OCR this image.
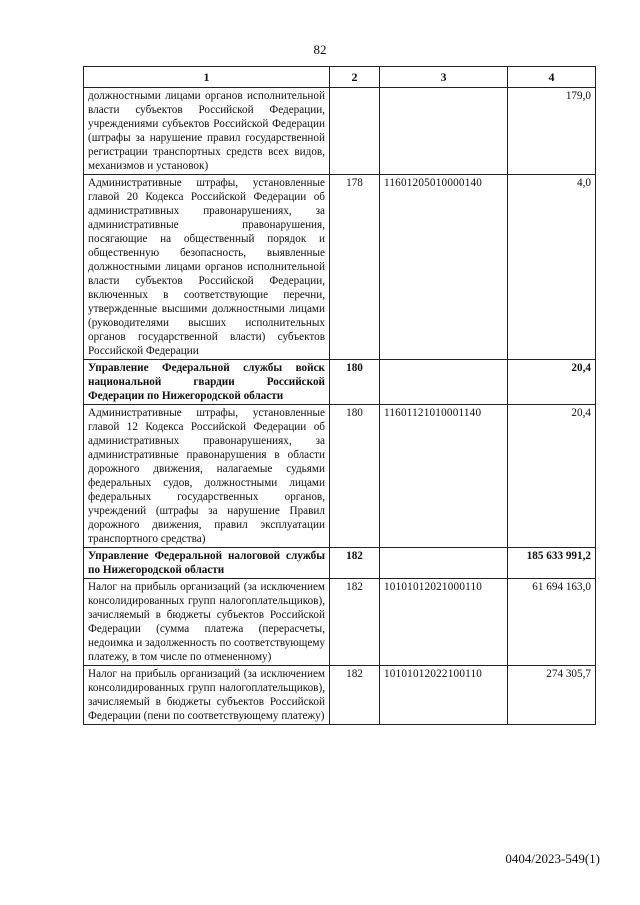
82
1	2	3	4
должностными лицами органов исполнительной власти субъектов Российской Федерации, учреждениями субъектов Российской Федерации (штрафы за нарушение правил государственной регистрации транспортных средств всех видов, механизмов и установок)			179,0
Административные штрафы, установленные главой 20 Кодекса Российской Федерации об административных правонарушениях, за административные правонарушения, посягающие на общественный порядок и общественную безопасность, выявленные должностными лицами органов исполнительной власти субъектов Российской Федерации, включенных в соответствующие перечни, утвержденные высшими должностными лицами (руководителями высших исполнительных органов государственной власти) субъектов Российской Федерации	178	11601205010000140	4,0
Управление Федеральной службы войск национальной гвардии Российской Федерации по Нижегородской области	180		20,4
Административные штрафы, установленные главой 12 Кодекса Российской Федерации об административных правонарушениях, за административные правонарушения в области дорожного движения, налагаемые судьями федеральных судов, должностными лицами федеральных государственных органов, учреждений (штрафы за нарушение Правил дорожного движения, правил эксплуатации транспортного средства)	180	11601121010001140	20,4
Управление Федеральной налоговой службы по Нижегородской области	182		185 633 991,2
Налог на прибыль организаций (за исключением консолидированных групп налогоплательщиков), зачисляемый в бюджеты субъектов Российской Федерации (сумма платежа (перерасчеты, недоимка и задолженность по соответствующему платежу, в том числе по отмененному)	182	10101012021000110	61 694 163,0
Налог на прибыль организаций (за исключением консолидированных групп налогоплательщиков), зачисляемый в бюджеты субъектов Российской Федерации (пени по соответствующему платежу)	182	10101012022100110	274 305,7
0404/2023-549(1)
